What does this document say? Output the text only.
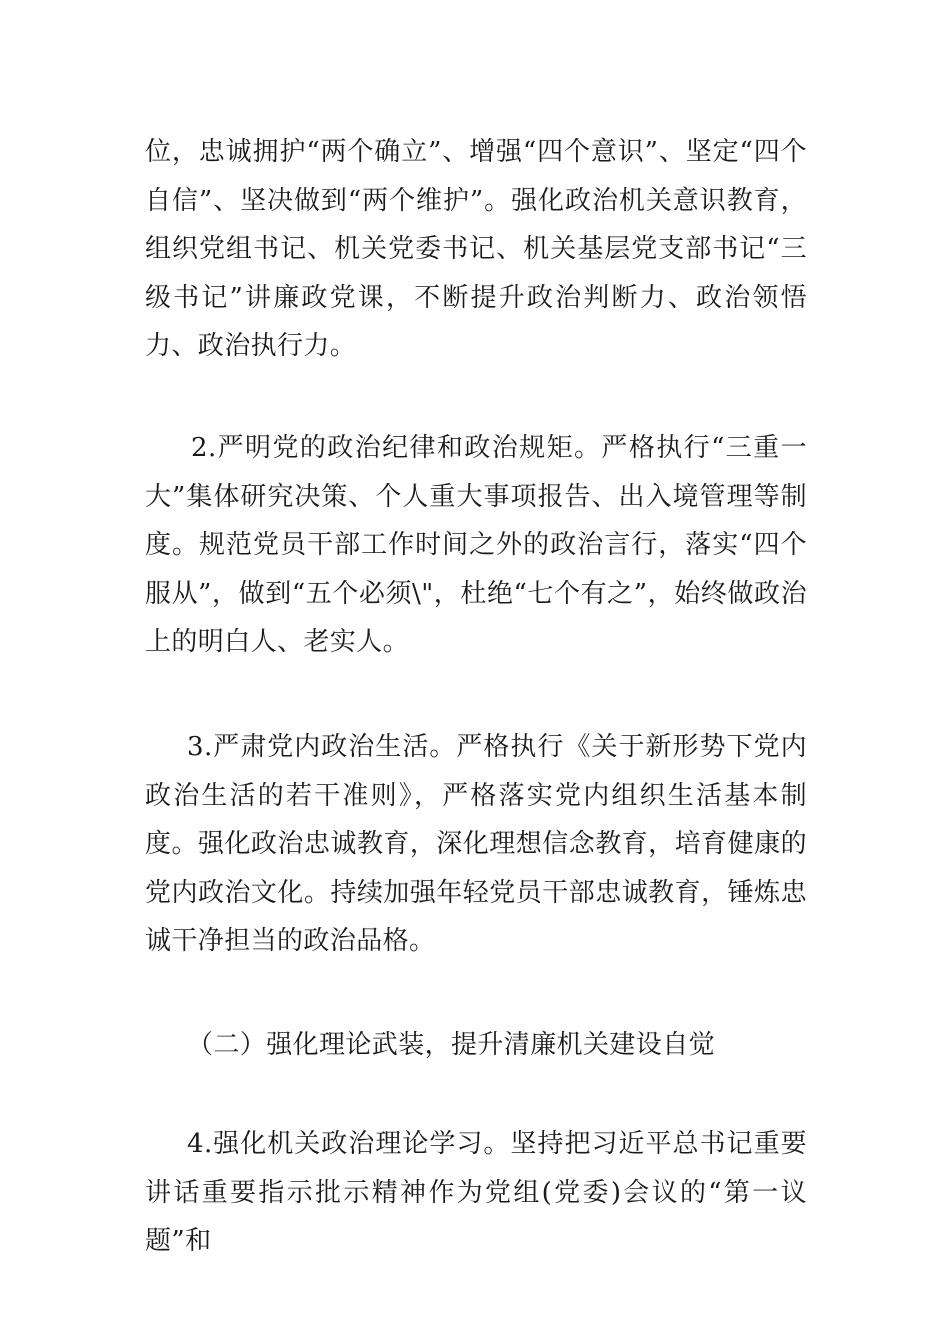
位，忠诚拥护“两个确立”、增强“四个意识”、坚定“四个自信”、坚决做到“两个维护”。强化政治机关意识教育，组织党组书记、机关党委书记、机关基层党支部书记“三级书记”讲廉政党课，不断提升政治判断力、政治领悟力、政治执行力。

2.严明党的政治纪律和政治规矩。严格执行“三重一大”集体研究决策、个人重大事项报告、出入境管理等制度。规范党员干部工作时间之外的政治言行，落实“四个服从”，做到“五个必须\"，杜绝“七个有之”，始终做政治上的明白人、老实人。

3.严肃党内政治生活。严格执行《关于新形势下党内政治生活的若干准则》，严格落实党内组织生活基本制度。强化政治忠诚教育，深化理想信念教育，培育健康的党内政治文化。持续加强年轻党员干部忠诚教育，锤炼忠诚干净担当的政治品格。

（二）强化理论武装，提升清廉机关建设自觉

4.强化机关政治理论学习。坚持把习近平总书记重要讲话重要指示批示精神作为党组(党委)会议的“第一议题”和
